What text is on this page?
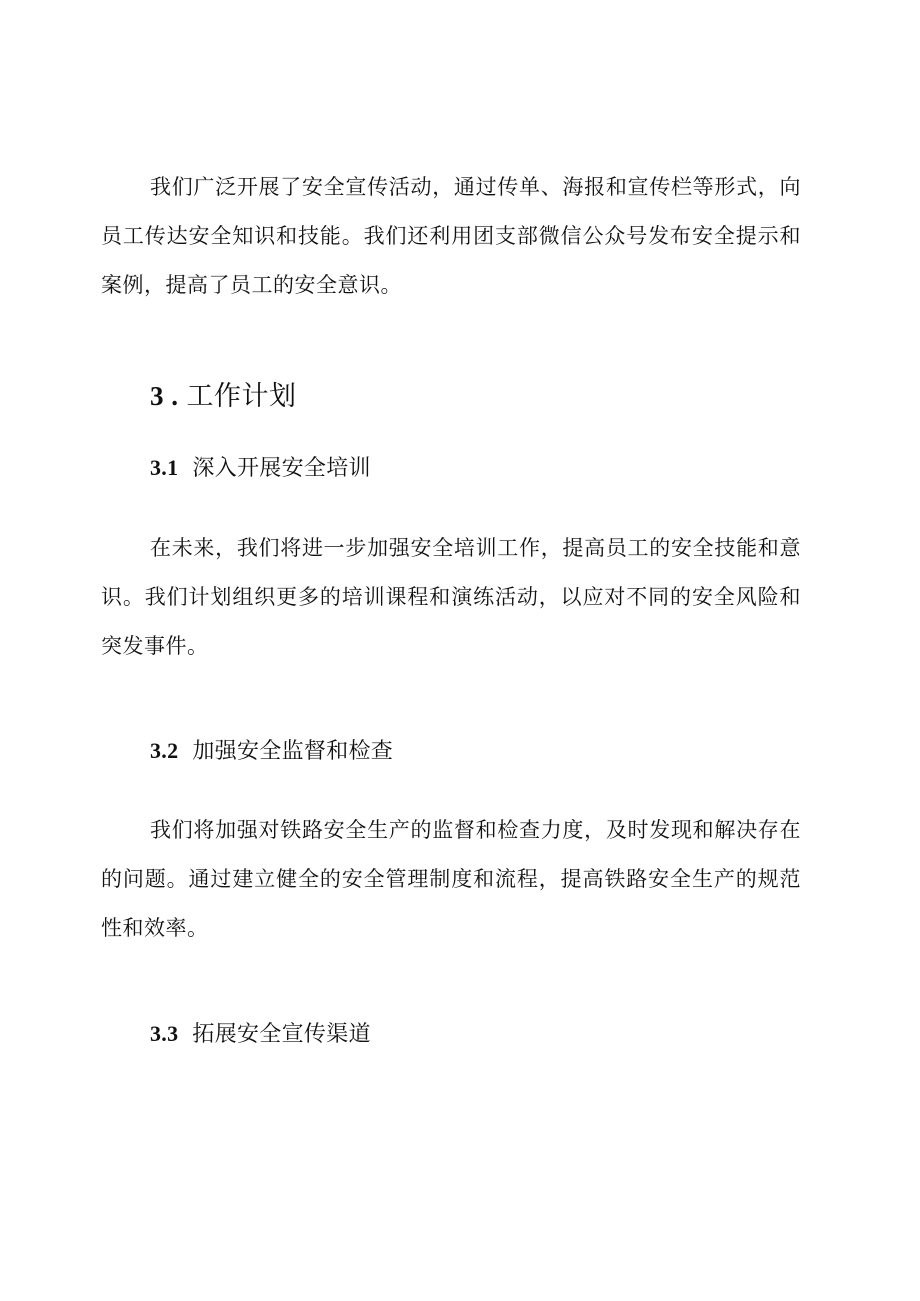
我们广泛开展了安全宣传活动，通过传单、海报和宣传栏等形式，向员工传达安全知识和技能。我们还利用团支部微信公众号发布安全提示和案例，提高了员工的安全意识。

3 . 工作计划
3.1 深入开展安全培训

在未来，我们将进一步加强安全培训工作，提高员工的安全技能和意识。我们计划组织更多的培训课程和演练活动，以应对不同的安全风险和突发事件。

3.2 加强安全监督和检查

我们将加强对铁路安全生产的监督和检查力度，及时发现和解决存在的问题。通过建立健全的安全管理制度和流程，提高铁路安全生产的规范性和效率。

3.3 拓展安全宣传渠道
